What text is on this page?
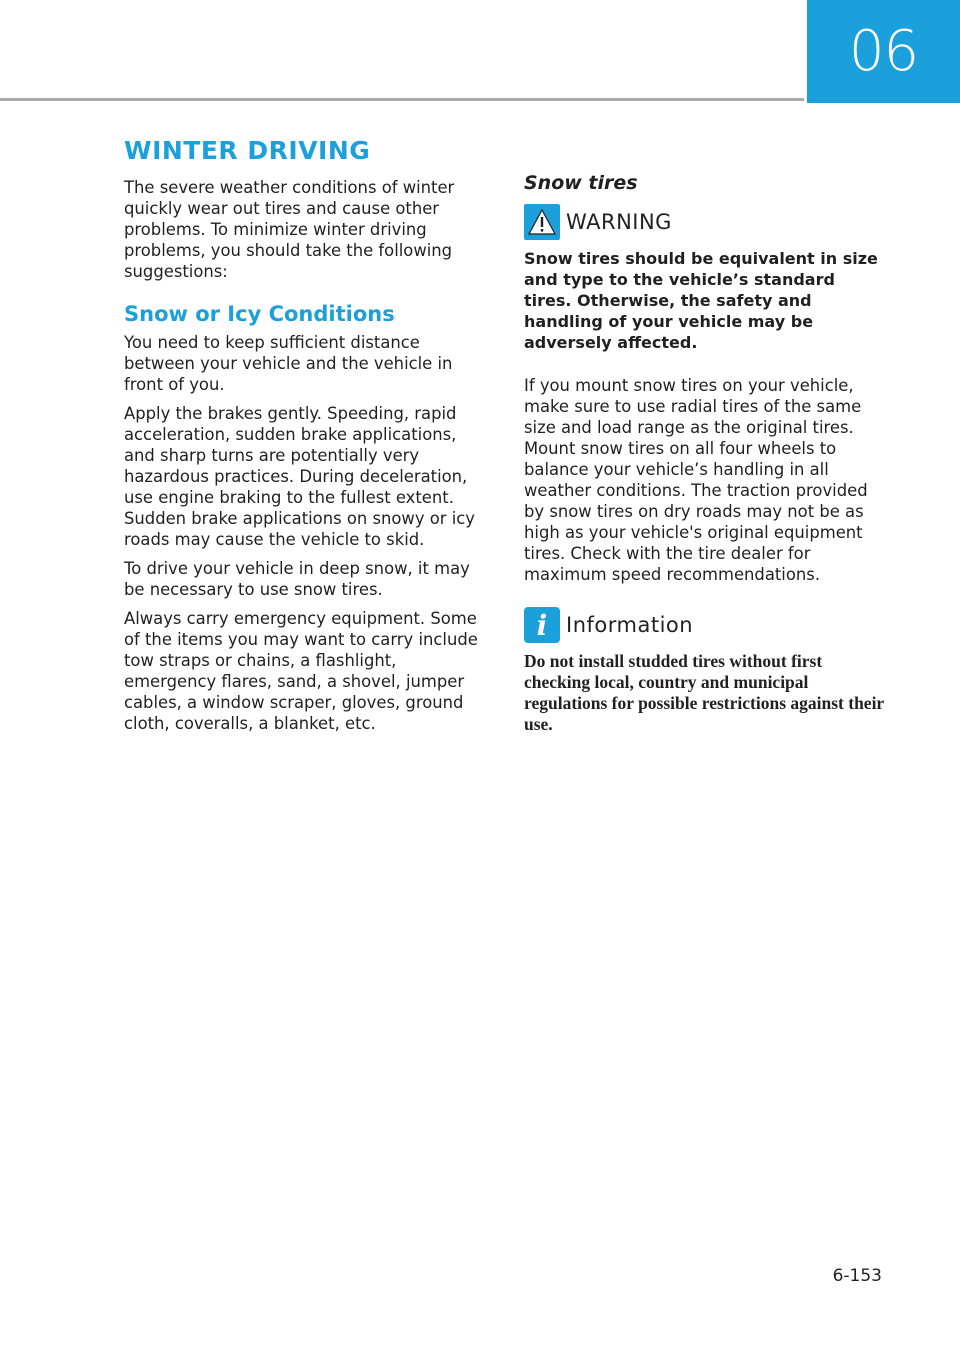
06
WINTER DRIVING

The severe weather conditions of winter quickly wear out tires and cause other problems. To minimize winter driving problems, you should take the following suggestions:

Snow or Icy Conditions

You need to keep sufficient distance between your vehicle and the vehicle in front of you.

Apply the brakes gently. Speeding, rapid acceleration, sudden brake applications, and sharp turns are potentially very hazardous practices. During deceleration, use engine braking to the fullest extent. Sudden brake applications on snowy or icy roads may cause the vehicle to skid.

To drive your vehicle in deep snow, it may be necessary to use snow tires.

Always carry emergency equipment. Some of the items you may want to carry include tow straps or chains, a flashlight, emergency flares, sand, a shovel, jumper cables, a window scraper, gloves, ground cloth, coveralls, a blanket, etc.

Snow tires
WARNING

Snow tires should be equivalent in size and type to the vehicle’s standard tires. Otherwise, the safety and handling of your vehicle may be adversely affected.

If you mount snow tires on your vehicle, make sure to use radial tires of the same size and load range as the original tires. Mount snow tires on all four wheels to balance your vehicle’s handling in all weather conditions. The traction provided by snow tires on dry roads may not be as high as your vehicle's original equipment tires. Check with the tire dealer for maximum speed recommendations.

i Information

Do not install studded tires without first checking local, country and municipal regulations for possible restrictions against their use.

6-153
